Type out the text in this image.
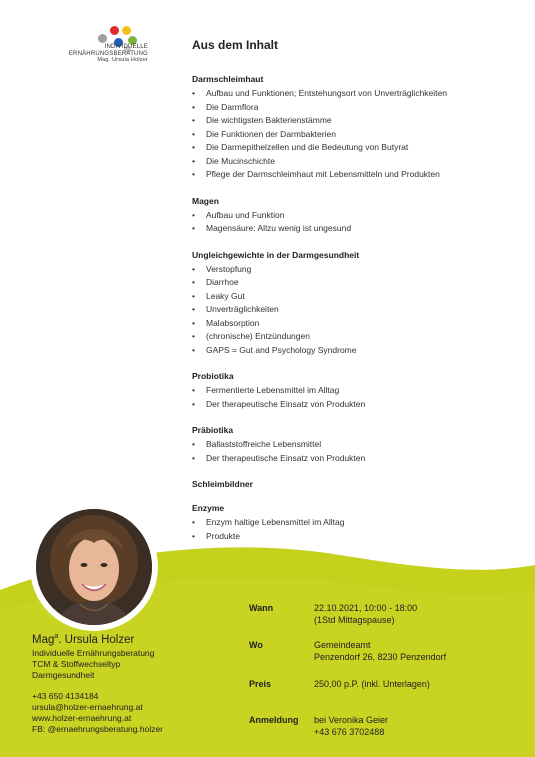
INDIVIDUELLE
ERNÄHRUNGSBERATUNG
Mag. Ursula Holzer
Aus dem Inhalt
Darmschleimhaut
• Aufbau und Funktionen; Entstehungsort von Unverträglichkeiten
• Die Darmflora
• Die wichtigsten Bakterienstämme
• Die Funktionen der Darmbakterien
• Die Darmepithelzellen und die Bedeutung von Butyrat
• Die Mucinschichte
• Pflege der Darmschleimhaut mit Lebensmitteln und Produkten
Magen
• Aufbau und Funktion
• Magensäure: Allzu wenig ist ungesund
Ungleichgewichte in der Darmgesundheit
• Verstopfung
• Diarrhoe
• Leaky Gut
• Unverträglichkeiten
• Malabsorption
• (chronische) Entzündungen
• GAPS = Gut and Psychology Syndrome
Probiotika
• Fermentierte Lebensmittel im Alltag
• Der therapeutische Einsatz von Produkten
Präbiotika
• Ballaststoffreiche Lebensmittel
• Der therapeutische Einsatz von Produkten
Schleimbildner
Enzyme
• Enzym haltige Lebensmittel im Alltag
• Produkte
Mag$^a$. Ursula Holzer
Individuelle Ernährungsberatung
TCM & Stoffwechseltyp
Darmgesundheit
+43 650 4134184
ursula@holzer-ernaehrung.at
www.holzer-ernaehrung.at
FB: @ernaehrungsberatung.holzer
Wann	22.10.2021, 10:00 - 18:00
(1Std Mittagspause)
Wo	Gemeindeamt
Penzendorf 26, 8230 Penzendorf
Preis	250,00 p.P. (inkl. Unterlagen)
Anmeldung bei Veronika Geier
+43 676 3702488
